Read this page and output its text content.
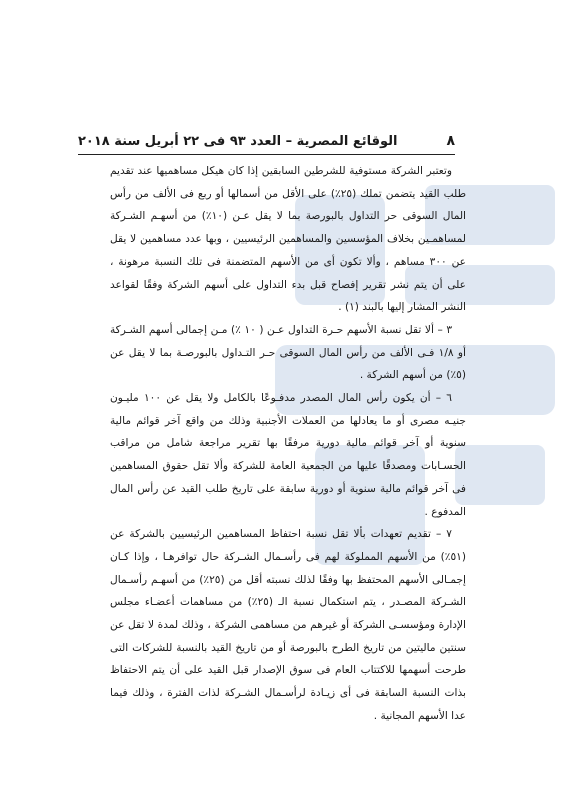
٨
الوقائع المصرية – العدد ٩٣ فى ٢٢ أبريل سنة ٢٠١٨

وتعتبر الشركة مستوفية للشرطين السابقين إذا كان هيكل مساهميها عند تقديم طلب القيد يتضمن تملك (٢٥٪) على الأقل من أسمالها أو ربع فى الألف من رأس المال السوقى حر التداول بالبورصة بما لا يقل عـن (١٠٪) من أسهـم الشـركة لمساهمـين بخلاف المؤسسين والمساهمين الرئيسيين ، وبها عدد مساهمين لا يقل عن ٣٠٠ مساهم ، وألا تكون أى من الأسهم المتضمنة فى تلك النسبة مرهونة ، على أن يتم نشر تقرير إفصاح قبل بدء التداول على أسهم الشركة وفقًا لقواعد النشر المشار إليها بالبند (١) .

٣ – ألا تقل نسبة الأسهم حـرة التداول عـن ( ١٠ ٪) مـن إجمالى أسهم الشـركة أو ١/٨ فـى الألف من رأس المال السوقى حـر التـداول بالبورصـة بما لا يقل عن (٥٪) من أسهم الشركة .

٦ – أن يكون رأس المال المصدر مدفـوعًا بالكامل ولا يقل عن ١٠٠ مليـون جنيـه مصرى أو ما يعادلها من العملات الأجنبية وذلك من واقع آخر قوائم مالية سنوية أو آخر قوائم مالية دورية مرفقًا بها تقرير مراجعة شامل من مراقب الحسـابات ومصدقًا عليها من الجمعية العامة للشركة وألا تقل حقوق المساهمين فى آخر قوائم مالية سنوية أو دورية سابقة على تاريخ طلب القيد عن رأس المال المدفوع .

٧ – تقديم تعهدات بألا تقل نسبة احتفاظ المساهمين الرئيسيين بالشركة عن (٥١٪) من الأسهم المملوكة لهم فى رأسـمال الشـركة حال توافرهـا ، وإذا كـان إجمـالى الأسهم المحتفظ بها وفقًا لذلك نسبته أقل من (٢٥٪) من أسهـم رأسـمال الشـركة المصـدر ، يتم استكمال نسبة الـ (٢٥٪) من مساهمات أعضـاء مجلس الإدارة ومؤسسـى الشركة أو غيرهم من مساهمى الشركة ، وذلك لمدة لا تقل عن سنتين ماليتين من تاريخ الطرح بالبورصة أو من تاريخ القيد بالنسبة للشركات التى طرحت أسهمها للاكتتاب العام فى سوق الإصدار قبل القيد على أن يتم الاحتفاظ بذات النسبة السابقة فى أى زيـادة لرأسـمال الشـركة لذات الفترة ، وذلك فيما عدا الأسهم المجانية .
